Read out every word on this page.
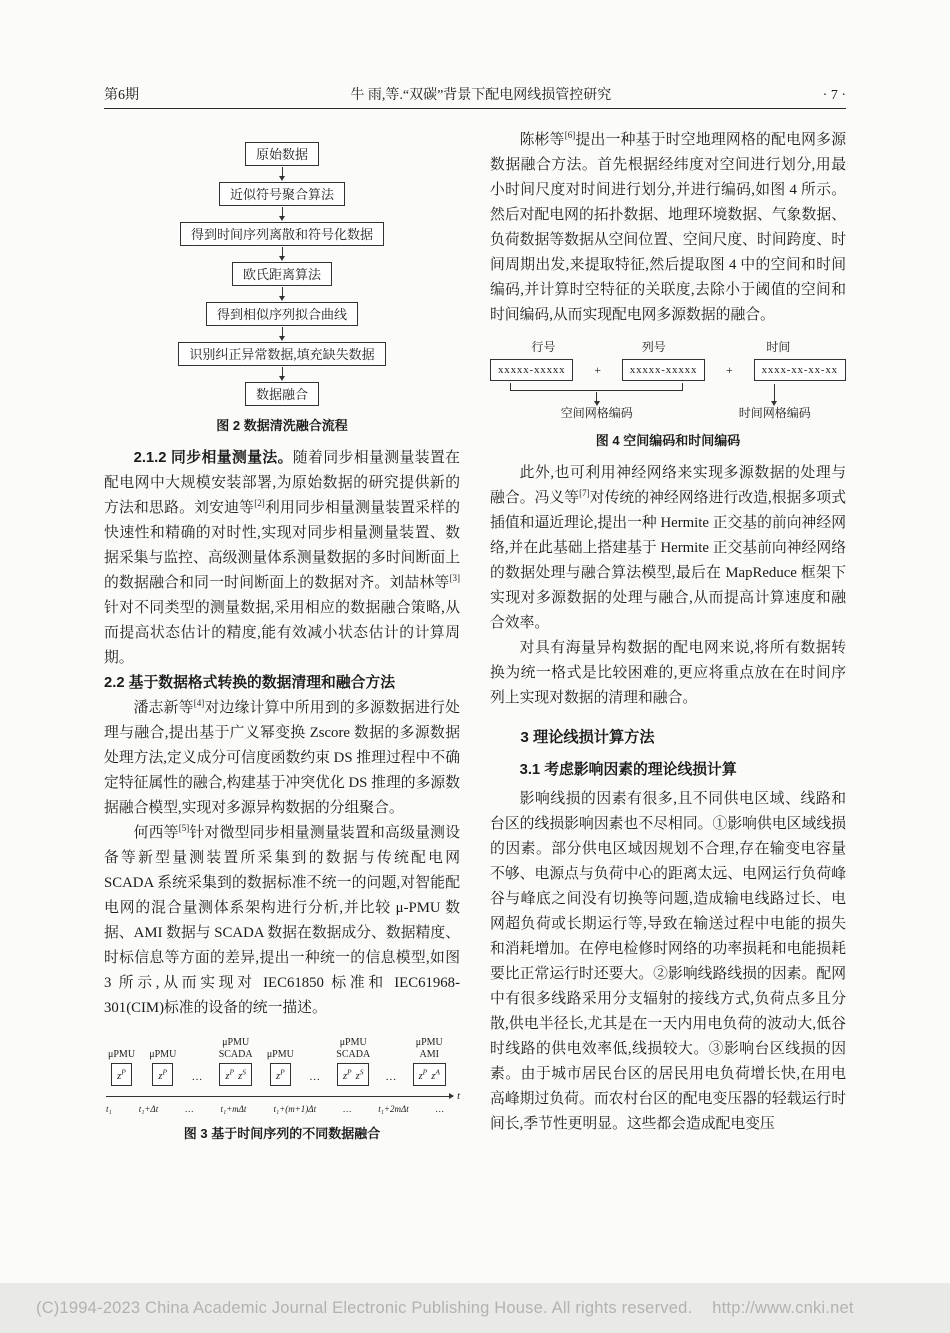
第6期	牛 雨,等.“双碳”背景下配电网线损管控研究	· 7 ·
原始数据
近似符号聚合算法
得到时间序列离散和符号化数据
欧氏距离算法
得到相似序列拟合曲线
识别纠正异常数据,填充缺失数据
数据融合
图 2 数据清洗融合流程

2.1.2 同步相量测量法。随着同步相量测量装置在配电网中大规模安装部署,为原始数据的研究提供新的方法和思路。刘安迪等[2]利用同步相量测量装置采样的快速性和精确的对时性,实现对同步相量测量装置、数据采集与监控、高级测量体系测量数据的多时间断面上的数据融合和同一时间断面上的数据对齐。刘喆林等[3]针对不同类型的测量数据,采用相应的数据融合策略,从而提高状态估计的精度,能有效减小状态估计的计算周期。

2.2 基于数据格式转换的数据清理和融合方法

潘志新等[4]对边缘计算中所用到的多源数据进行处理与融合,提出基于广义幂变换 Zscore 数据的多源数据处理方法,定义成分可信度函数约束 DS 推理过程中不确定特征属性的融合,构建基于冲突优化 DS 推理的多源数据融合模型,实现对多源异构数据的分组聚合。

何西等[5]针对微型同步相量测量装置和高级量测设备等新型量测装置所采集到的数据与传统配电网 SCADA 系统采集到的数据标准不统一的问题,对智能配电网的混合量测体系架构进行分析,并比较 μ-PMU 数据、AMI 数据与 SCADA 数据在数据成分、数据精度、时标信息等方面的差异,提出一种统一的信息模型,如图 3 所示,从而实现对 IEC61850 标准和 IEC61968-301(CIM)标准的设备的统一描述。

μPMU
$z^P$
μPMU
$z^P$	…
μPMU
SCADA
$z^P$ $z^S$
μPMU
$z^P$	…
μPMU
SCADA
$z^P$ $z^S$	…
μPMU
AMI
$z^P$ $z^A$
t
t₁	t₁+Δt	…	t₁+mΔt	t₁+(m+1)Δt	…	t₁+2mΔt	…
图 3 基于时间序列的不同数据融合

陈彬等[6]提出一种基于时空地理网格的配电网多源数据融合方法。首先根据经纬度对空间进行划分,用最小时间尺度对时间进行划分,并进行编码,如图 4 所示。然后对配电网的拓扑数据、地理环境数据、气象数据、负荷数据等数据从空间位置、空间尺度、时间跨度、时间周期出发,来提取特征,然后提取图 4 中的空间和时间编码,并计算时空特征的关联度,去除小于阈值的空间和时间编码,从而实现配电网多源数据的融合。

行号	列号	时间
xxxxx-xxxxx	+	xxxxx-xxxxx	+	xxxx-xx-xx-xx
空间网格编码	时间网格编码
图 4 空间编码和时间编码

此外,也可利用神经网络来实现多源数据的处理与融合。冯义等[7]对传统的神经网络进行改造,根据多项式插值和逼近理论,提出一种 Hermite 正交基的前向神经网络,并在此基础上搭建基于 Hermite 正交基前向神经网络的数据处理与融合算法模型,最后在 MapReduce 框架下实现对多源数据的处理与融合,从而提高计算速度和融合效率。

对具有海量异构数据的配电网来说,将所有数据转换为统一格式是比较困难的,更应将重点放在在时间序列上实现对数据的清理和融合。

3 理论线损计算方法
3.1 考虑影响因素的理论线损计算

影响线损的因素有很多,且不同供电区域、线路和台区的线损影响因素也不尽相同。①影响供电区域线损的因素。部分供电区域因规划不合理,存在输变电容量不够、电源点与负荷中心的距离太远、电网运行负荷峰谷与峰底之间没有切换等问题,造成输电线路过长、电网超负荷或长期运行等,导致在输送过程中电能的损失和消耗增加。在停电检修时网络的功率损耗和电能损耗要比正常运行时还要大。②影响线路线损的因素。配网中有很多线路采用分支辐射的接线方式,负荷点多且分散,供电半径长,尤其是在一天内用电负荷的波动大,低谷时线路的供电效率低,线损较大。③影响台区线损的因素。由于城市居民台区的居民用电负荷增长快,在用电高峰期过负荷。而农村台区的配电变压器的轻载运行时间长,季节性更明显。这些都会造成配电变压

(C)1994-2023 China Academic Journal Electronic Publishing House. All rights reserved. http://www.cnki.net
